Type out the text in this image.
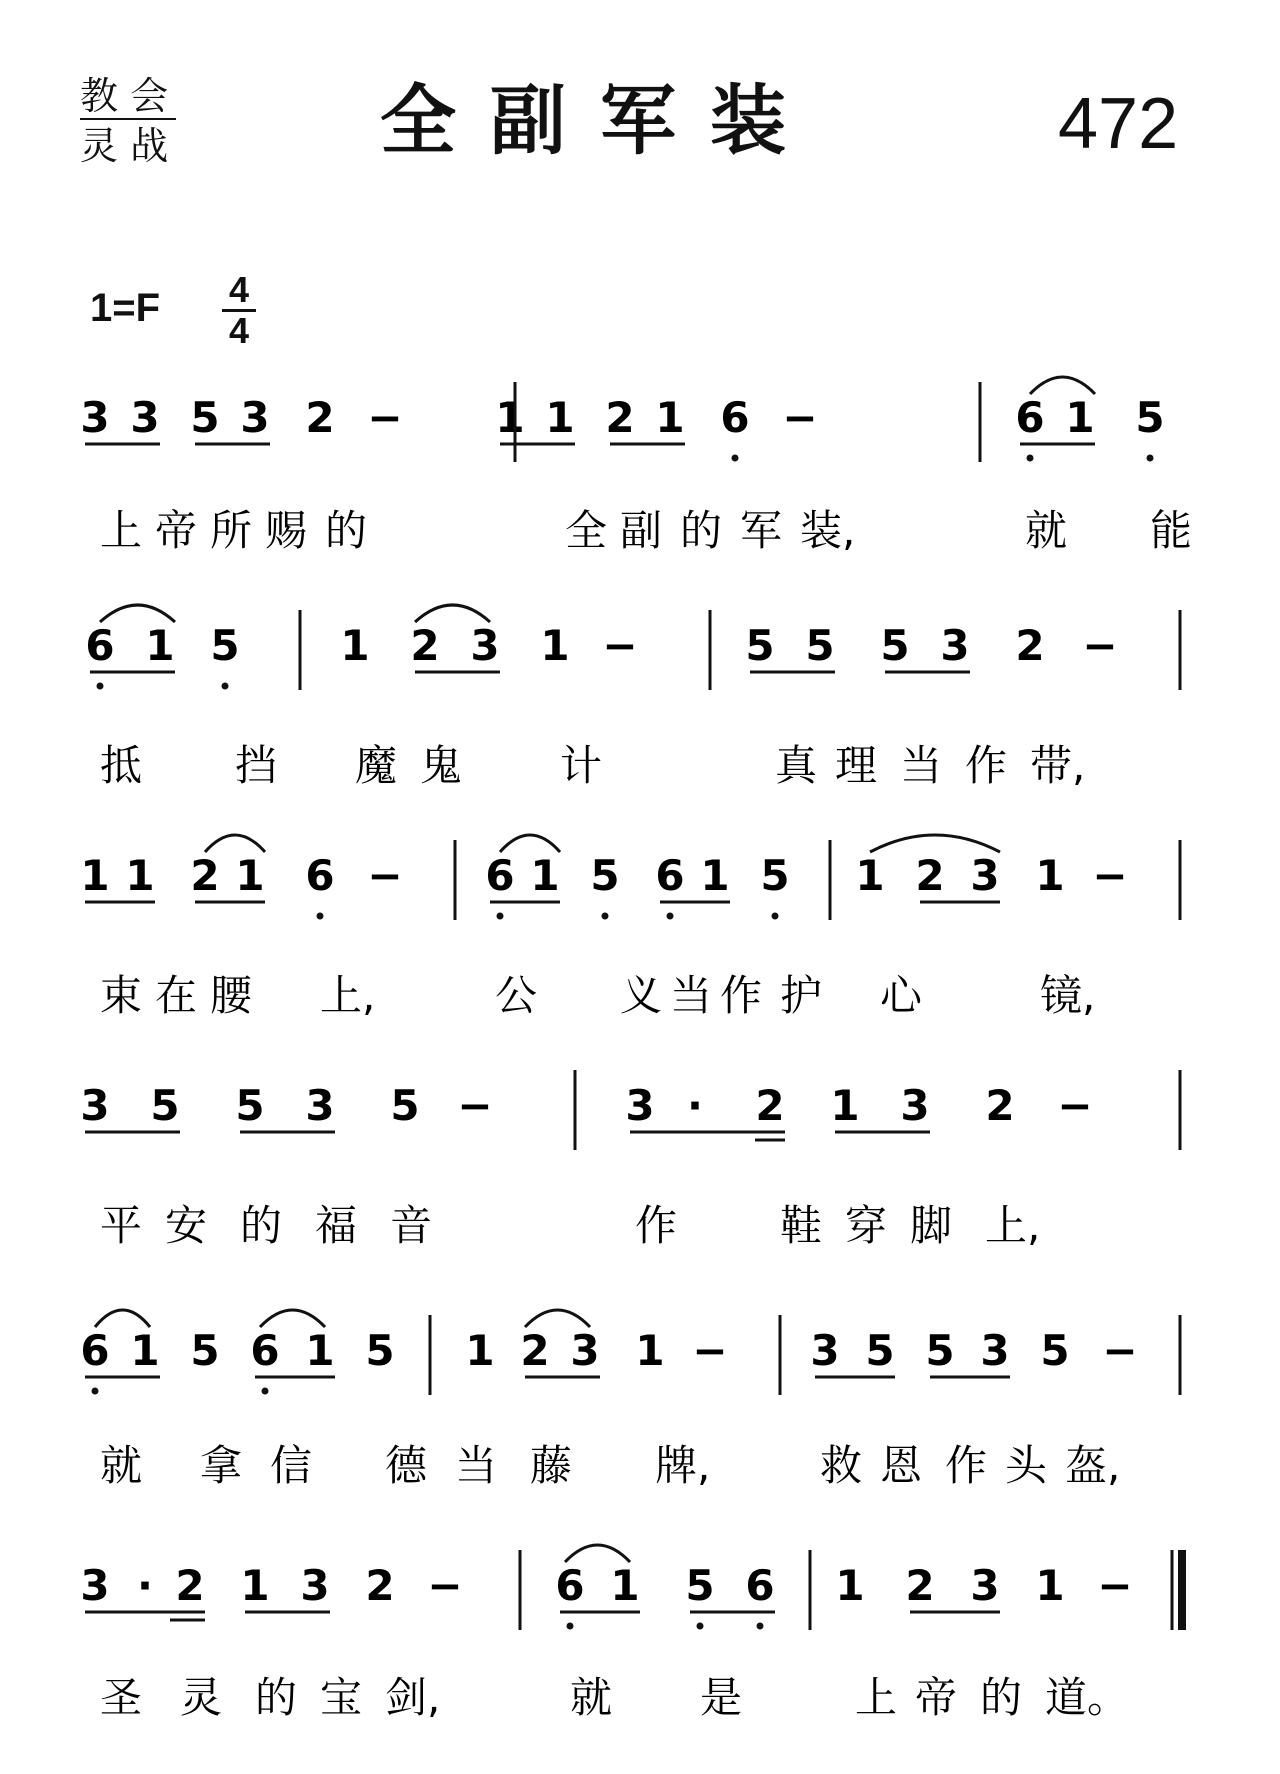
教 会
灵 战	全副军装	472
1=F 4
4
3 3 5 3 2 − 1 1 2 1 6 −	6 1 5
上 帝 所 赐 的	全 副 的 军 装,	就 能
6 1 5 1 2 3 1 −	5 5 5 3 2 −
抵 挡 魔 鬼 计	真 理 当 作 带,
1 1 2 1 6 − 6 1 5 6 1 5 1 2 3 1 −
束 在 腰 上,	公 义 当 作 护 心	镜,
3 5 5 3 5 −	3 · 2 1 3 2 −
平 安 的 福 音	作 鞋 穿 脚 上,
6 1 5 6 1 5 1 2 3 1 − 3 5 5 3 5 −
就 拿 信 德 当 藤 牌,	救 恩 作 头 盔,
3 · 2 1 3 2 − 6 1 5 6 1 2 3 1 −
圣 灵 的 宝 剑,	就 是	上 帝 的 道。
